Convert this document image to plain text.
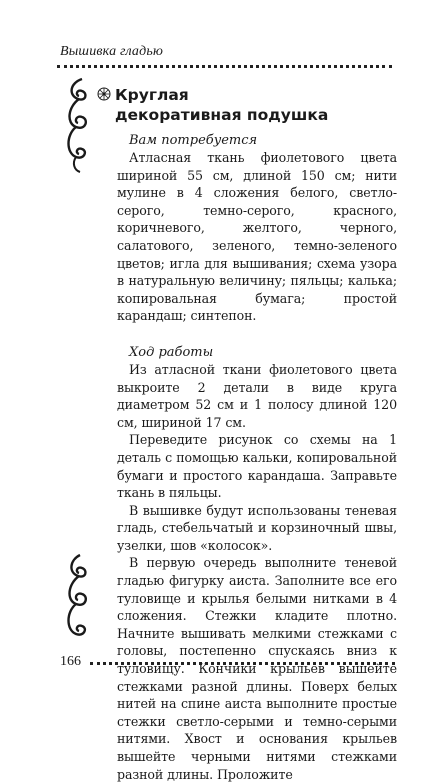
Вышивка гладью
Круглая
декоративная подушка

Вам потребуется

Атласная ткань фиолетового цвета шириной 55 см, длиной 150 см; нити мулине в 4 сложения белого, светло-серого, темно-серого, красного, коричневого, желтого, черного, салатового, зеленого, темно-зеленого цветов; игла для вышивания; схема узора в натуральную величину; пяльцы; калька; копировальная бумага; простой карандаш; синтепон.

Ход работы

Из атласной ткани фиолетового цвета выкроите 2 детали в виде круга диаметром 52 см и 1 полосу длиной 120 см, шириной 17 см.

Переведите рисунок со схемы на 1 деталь с помощью кальки, копировальной бумаги и простого карандаша. Заправьте ткань в пяльцы.

В вышивке будут использованы теневая гладь, стебельчатый и корзиночный швы, узелки, шов «колосок».

В первую очередь выполните теневой гладью фигурку аиста. Заполните все его туловище и крылья белыми нитками в 4 сложения. Стежки кладите плотно. Начните вышивать мелкими стежками с головы, постепенно спускаясь вниз к туловищу. Кончики крыльев вышейте стежками разной длины. Поверх белых нитей на спине аиста выполните простые стежки светло-серыми и темно-серыми нитями. Хвост и основания крыльев вышейте черными нитями стежками разной длины. Проложите

166
